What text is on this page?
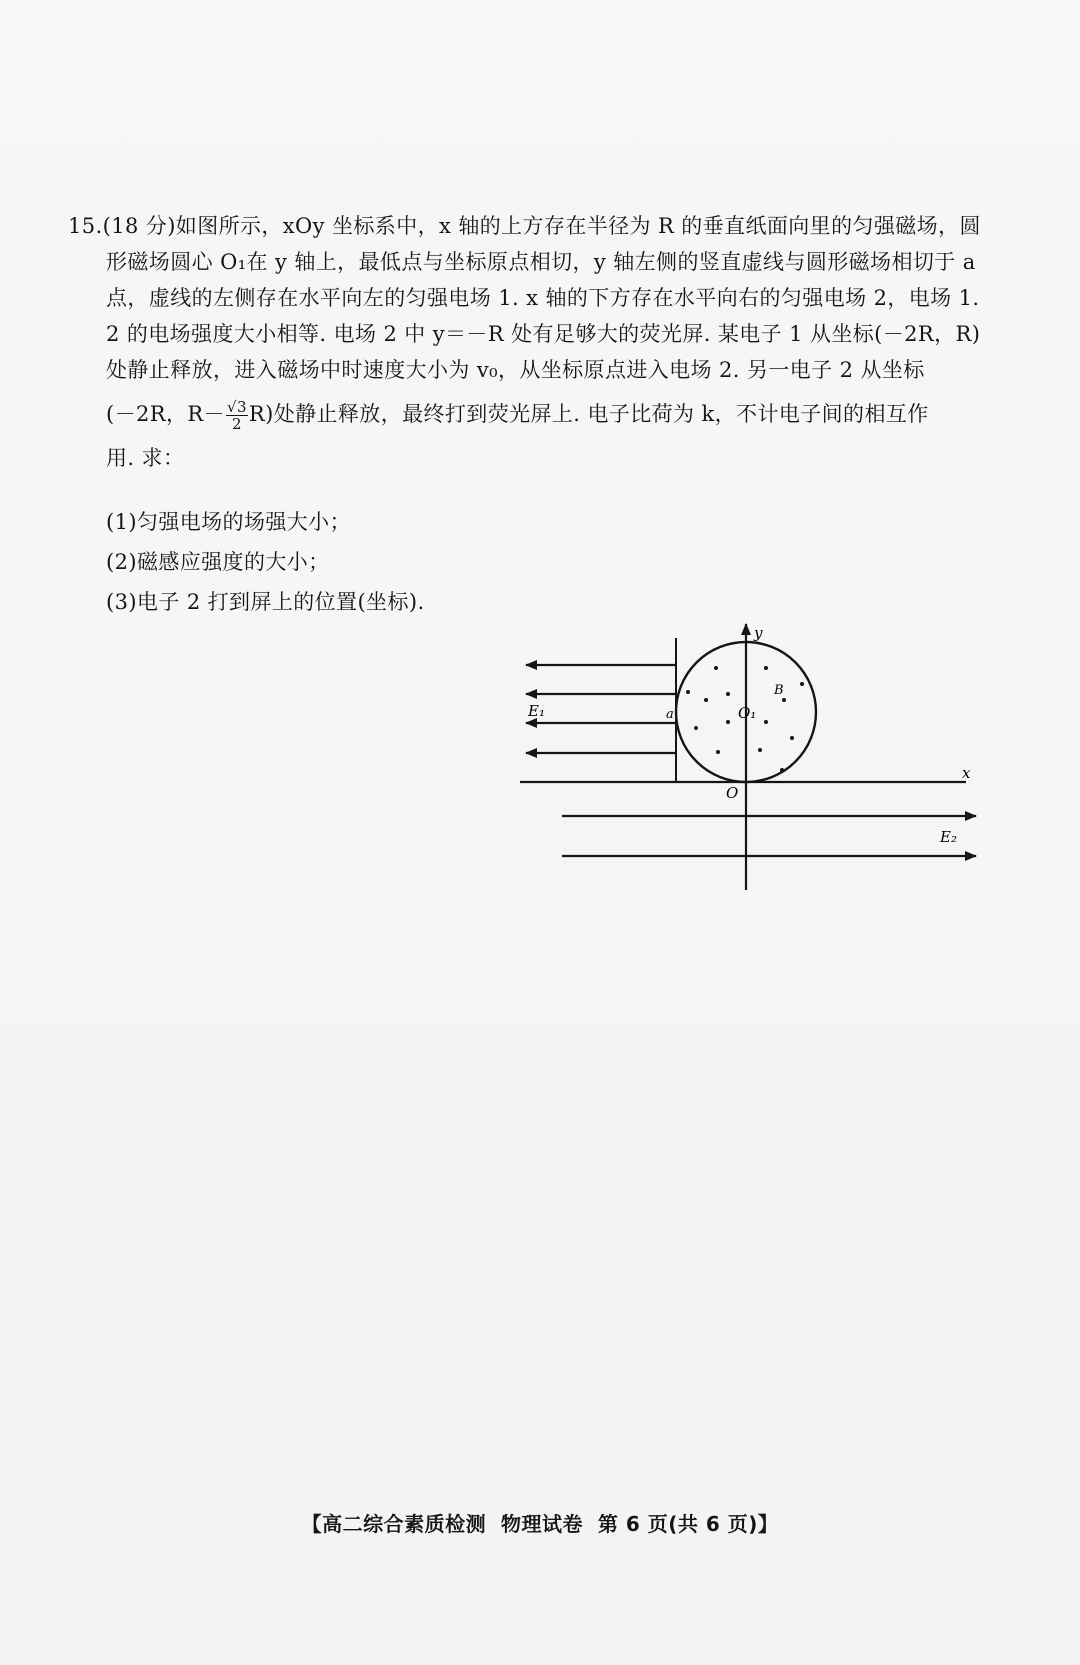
15.(18 分)如图所示，xOy 坐标系中，x 轴的上方存在半径为 R 的垂直纸面向里的匀强磁场，圆
形磁场圆心 O₁在 y 轴上，最低点与坐标原点相切，y 轴左侧的竖直虚线与圆形磁场相切于 a
点，虚线的左侧存在水平向左的匀强电场 1. x 轴的下方存在水平向右的匀强电场 2，电场 1.
2 的电场强度大小相等. 电场 2 中 y＝－R 处有足够大的荧光屏. 某电子 1 从坐标(－2R，R)
处静止释放，进入磁场中时速度大小为 v₀，从坐标原点进入电场 2. 另一电子 2 从坐标
(－2R，$R- \frac{√3}{2} R$)处静止释放，最终打到荧光屏上. 电子比荷为 k，不计电子间的相互作
用. 求：
(1)匀强电场的场强大小；
(2)磁感应强度的大小；
(3)电子 2 打到屏上的位置(坐标).
E₁
B
O₁
a
x
y
O
E₂
【高二综合素质检测  物理试卷  第 6 页(共 6 页)】
